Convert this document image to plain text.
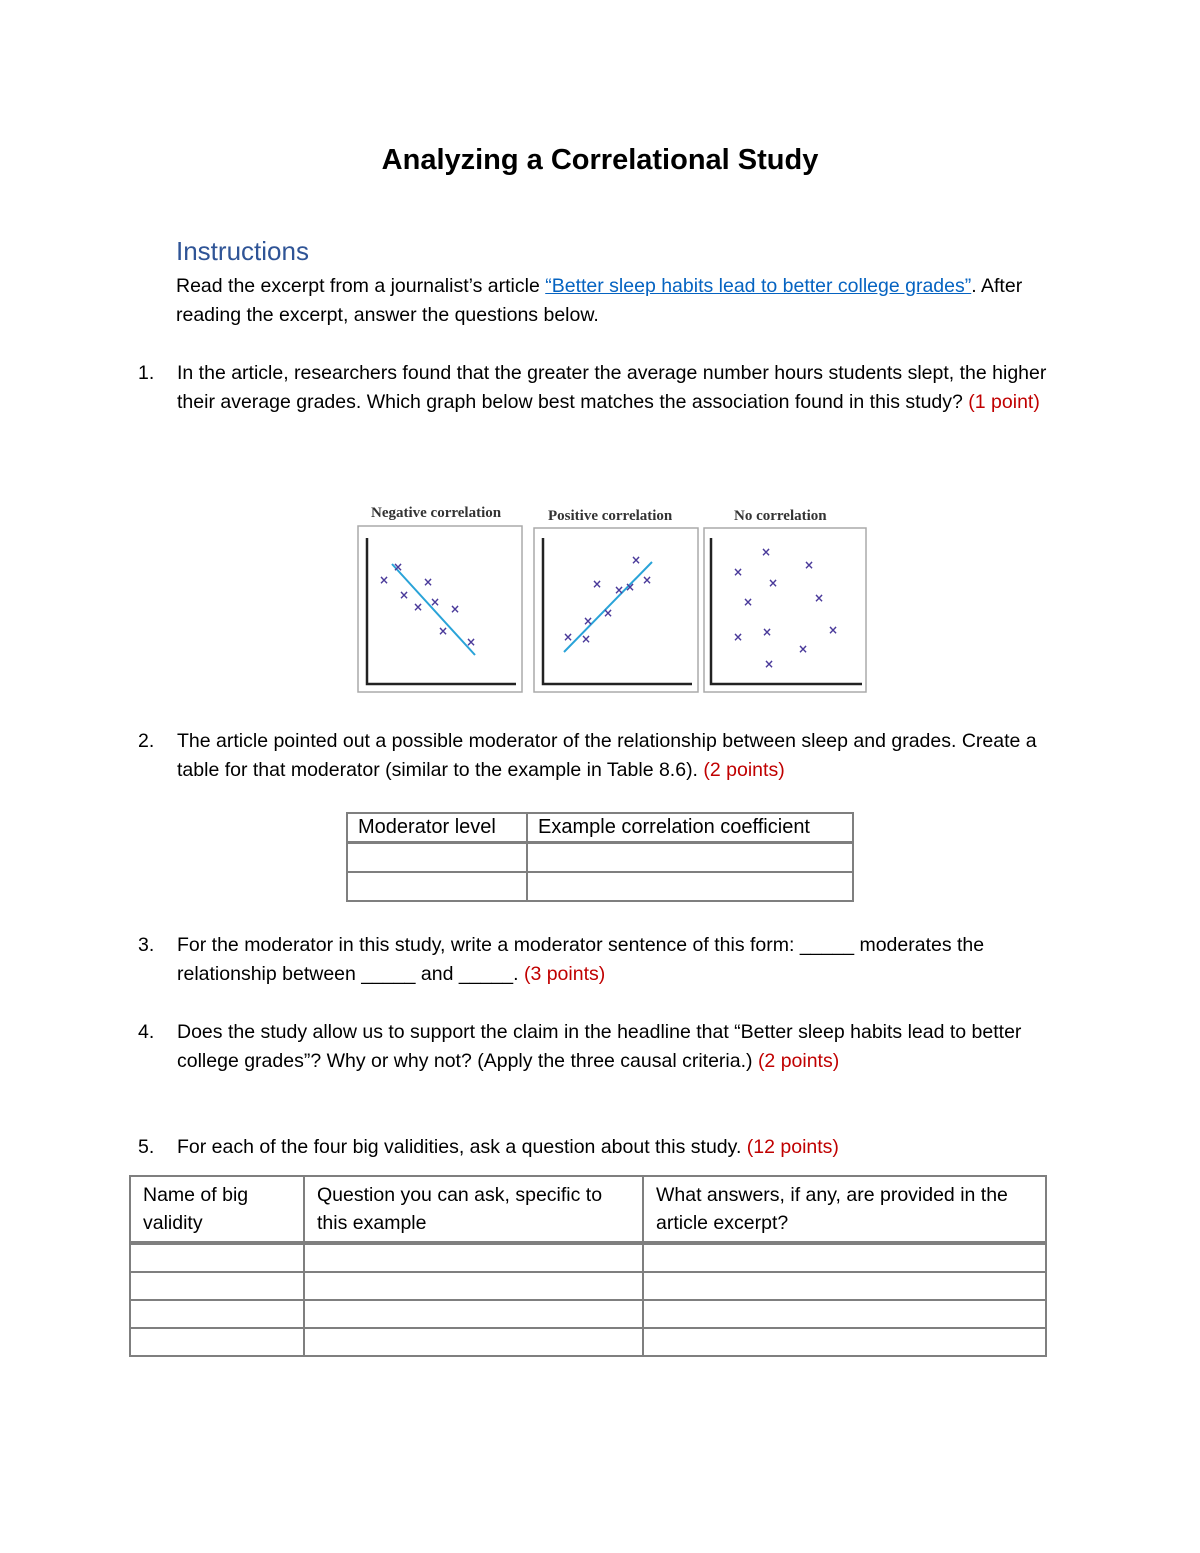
Analyzing a Correlational Study
Instructions
Read the excerpt from a journalist’s article “Better sleep habits lead to better college grades”. After reading the excerpt, answer the questions below.
1.	In the article, researchers found that the greater the average number hours students slept, the higher their average grades. Which graph below best matches the association found in this study? (1 point)
Negative correlation	Positive correlation	No correlation
×
×
×
×
× × ×
×
×
×
×
× × ×
×
×
× ×
×
×
×
×
×
×
×	×
×
×
×
2.	The article pointed out a possible moderator of the relationship between sleep and grades. Create a table for that moderator (similar to the example in Table 8.6). (2 points)
Moderator level	Example correlation coefficient

3.	For the moderator in this study, write a moderator sentence of this form: _____ moderates the relationship between _____ and _____. (3 points)
4.	Does the study allow us to support the claim in the headline that “Better sleep habits lead to better college grades”? Why or why not? (Apply the three causal criteria.) (2 points)
5.	For each of the four big validities, ask a question about this study. (12 points)
Name of big validity	Question you can ask, specific to this example	What answers, if any, are provided in the article excerpt?
